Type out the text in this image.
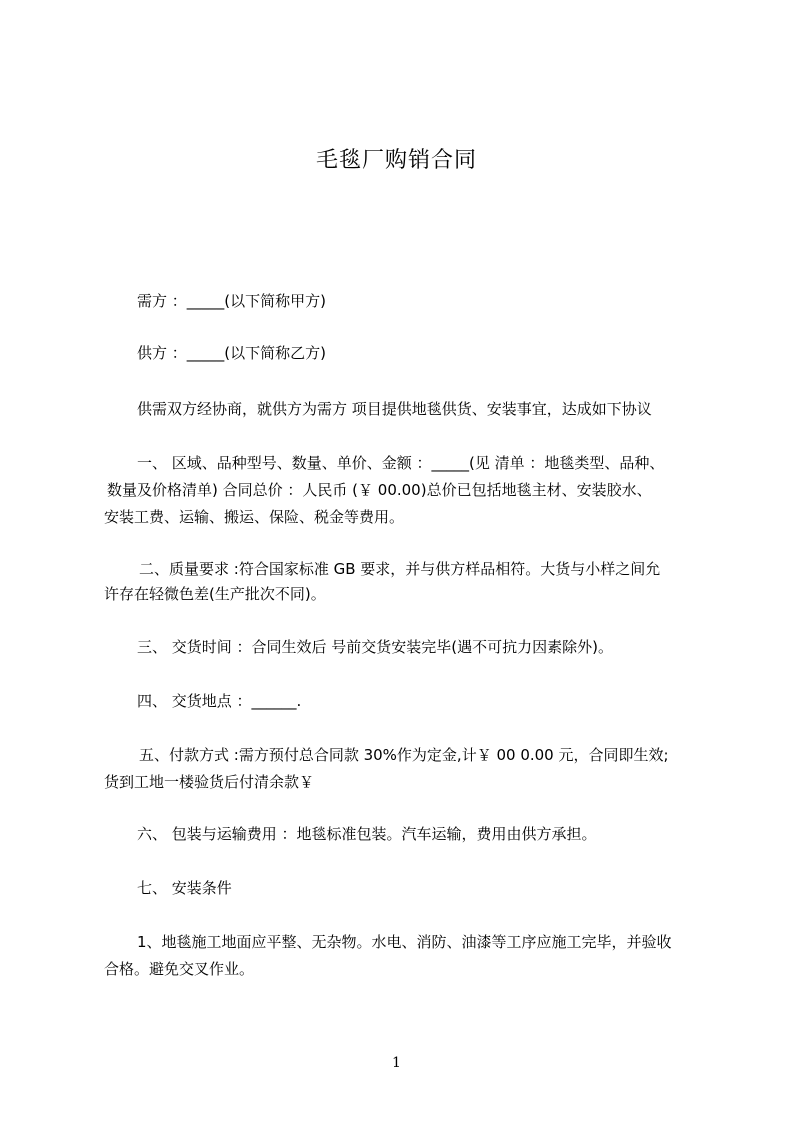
毛毯厂购销合同
需方 ：_____(以下简称甲方)
供方 ：_____(以下简称乙方)
供需双方经协商，就供方为需方 项目提供地毯供货、安装事宜，达成如下协议
一、 区域、品种型号、数量、单价、金额 ：_____(见 清单 ：地毯类型、品种、
数量及价格清单) 合同总价 ：人民币 (￥ 00.00)总价已包括地毯主材、安装胶水、
安装工费、运输、搬运、保险、税金等费用。
二、质量要求 :符合国家标准 GB 要求，并与供方样品相符。大货与小样之间允
许存在轻微色差(生产批次不同)。
三、 交货时间 ：合同生效后 号前交货安装完毕(遇不可抗力因素除外)。
四、 交货地点 ：______.
五、付款方式 :需方预付总合同款 30%作为定金,计￥ 00 0.00 元，合同即生效;
货到工地一楼验货后付清余款￥
六、 包装与运输费用 ：地毯标准包装。汽车运输，费用由供方承担。
七、 安装条件
1、地毯施工地面应平整、无杂物。水电、消防、油漆等工序应施工完毕，并验收
合格。避免交叉作业。
1
